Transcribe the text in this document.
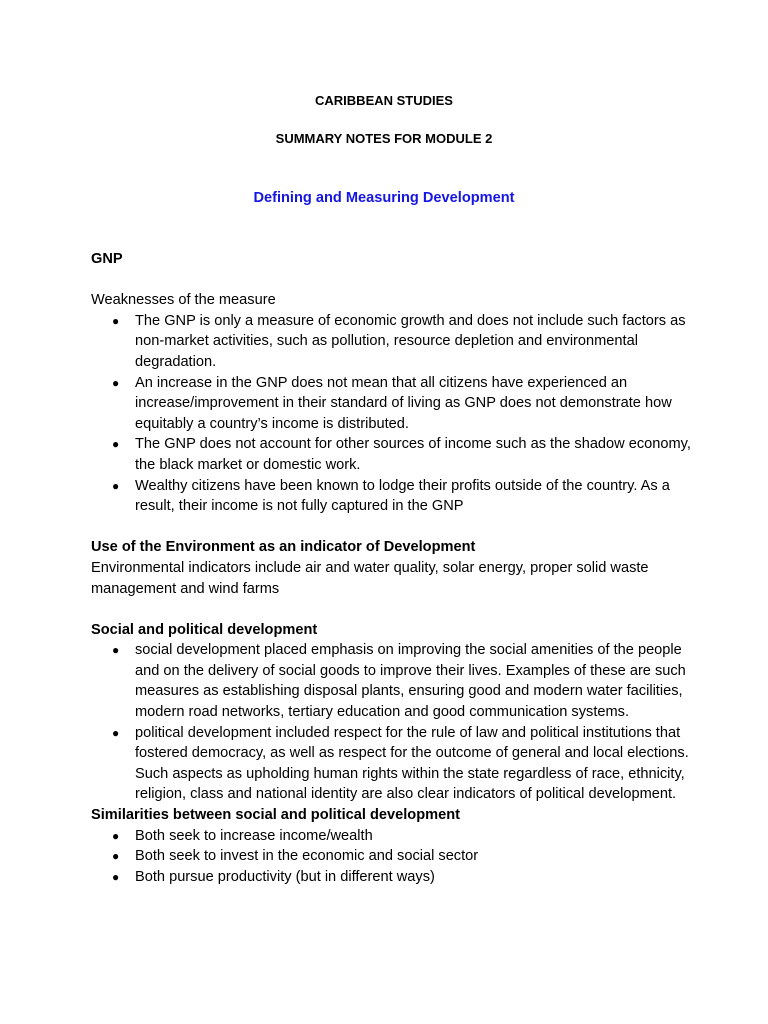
CARIBBEAN STUDIES
SUMMARY NOTES FOR MODULE 2
Defining and Measuring Development

GNP

Weaknesses of the measure

● The GNP is only a measure of economic growth and does not include such factors as non-market activities, such as pollution, resource depletion and environmental degradation.
● An increase in the GNP does not mean that all citizens have experienced an increase/improvement in their standard of living as GNP does not demonstrate how equitably a country’s income is distributed.
● The GNP does not account for other sources of income such as the shadow economy, the black market or domestic work.
● Wealthy citizens have been known to lodge their profits outside of the country. As a result, their income is not fully captured in the GNP

Use of the Environment as an indicator of Development

Environmental indicators include air and water quality, solar energy, proper solid waste management and wind farms

Social and political development

● social development placed emphasis on improving the social amenities of the people and on the delivery of social goods to improve their lives. Examples of these are such measures as establishing disposal plants, ensuring good and modern water facilities, modern road networks, tertiary education and good communication systems.
● political development included respect for the rule of law and political institutions that fostered democracy, as well as respect for the outcome of general and local elections. Such aspects as upholding human rights within the state regardless of race, ethnicity, religion, class and national identity are also clear indicators of political development.

Similarities between social and political development

● Both seek to increase income/wealth
● Both seek to invest in the economic and social sector
● Both pursue productivity (but in different ways)
